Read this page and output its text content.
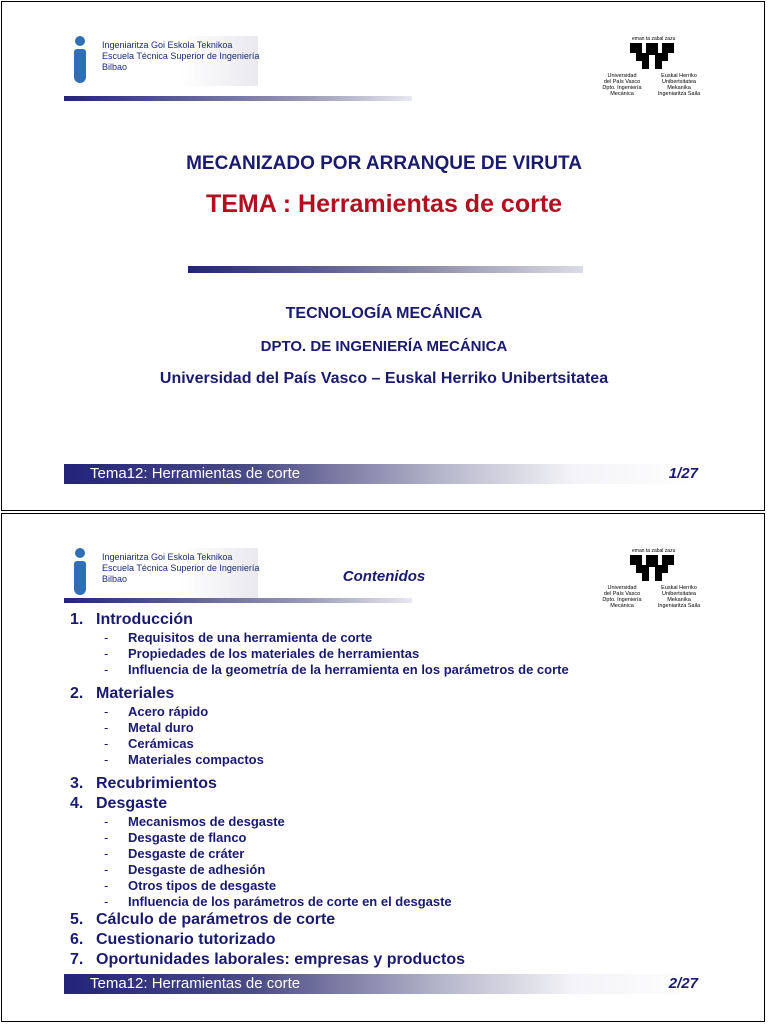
Ingeniaritza Goi Eskola Teknikoa
Escuela Técnica Superior de Ingeniería
Bilbao
eman ta zabal zazu
Universidad
del País Vasco
Dpto. Ingeniería
Mecánica
Euskal Herriko
Unibertsitatea
Mekanika
Ingeniaritza Saila
MECANIZADO POR ARRANQUE DE VIRUTA
TEMA : Herramientas de corte
TECNOLOGÍA MECÁNICA
DPTO. DE INGENIERÍA MECÁNICA
Universidad del País Vasco – Euskal Herriko Unibertsitatea
Tema12: Herramientas de corte	1/27
Ingeniaritza Goi Eskola Teknikoa
Escuela Técnica Superior de Ingeniería
Bilbao
eman ta zabal zazu
Universidad
del País Vasco
Dpto. Ingeniería
Mecánica
Euskal Herriko
Unibertsitatea
Mekanika
Ingeniaritza Saila
Contenidos
1. Introducción
- Requisitos de una herramienta de corte
- Propiedades de los materiales de herramientas
- Influencia de la geometría de la herramienta en los parámetros de corte
2. Materiales
- Acero rápido
- Metal duro
- Cerámicas
- Materiales compactos
3. Recubrimientos
4. Desgaste
- Mecanismos de desgaste
- Desgaste de flanco
- Desgaste de cráter
- Desgaste de adhesión
- Otros tipos de desgaste
- Influencia de los parámetros de corte en el desgaste
5. Cálculo de parámetros de corte
6. Cuestionario tutorizado
7. Oportunidades laborales: empresas y productos
Tema12: Herramientas de corte	2/27
